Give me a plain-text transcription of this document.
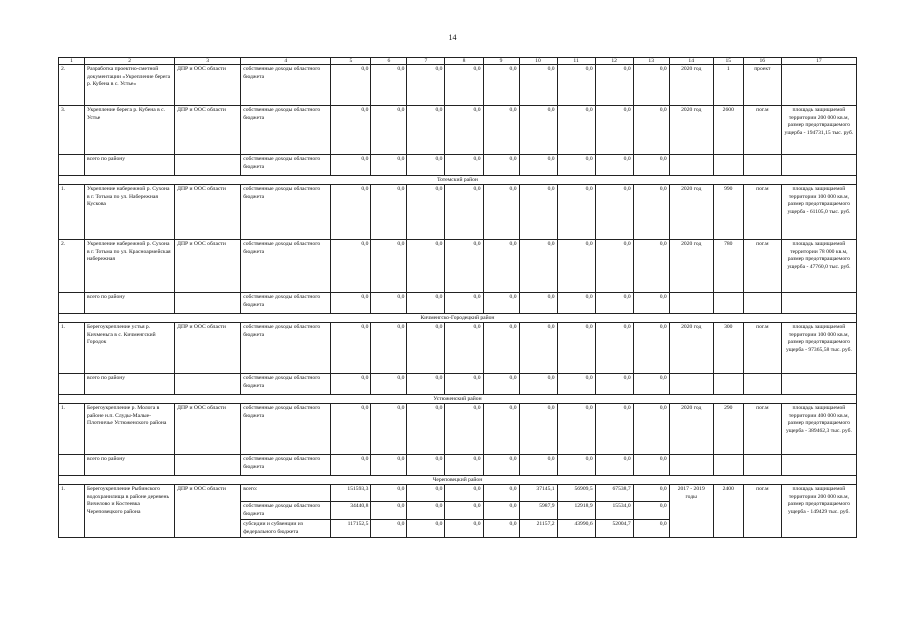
14
1	2	3	4	5	6	7	8	9	10	11	12	13	14	15	16	17
2.	Разработка проектно-сметной документации «Укрепление берега р. Кубена в с. Устье»	ДПР и ООС области	собственные доходы областного бюджета	0,0	0,0	0,0	0,0	0,0	0,0	0,0	0,0	0,0	2020 год	1	проект	
3.	Укрепление берега р. Кубена в с. Устье	ДПР и ООС области	собственные доходы областного бюджета	0,0	0,0	0,0	0,0	0,0	0,0	0,0	0,0	0,0	2020 год	2600	пог.м	площадь защищаемой территории 200 000 кв.м, размер предотвращаемого ущерба - 194731,15 тыс. руб.
	всего по району		собственные доходы областного бюджета	0,0	0,0	0,0	0,0	0,0	0,0	0,0	0,0	0,0				
Тотемский район																
1.	Укрепление набережной р. Сухона в г. Тотьма по ул. Набережная Кускова	ДПР и ООС области	собственные доходы областного бюджета	0,0	0,0	0,0	0,0	0,0	0,0	0,0	0,0	0,0	2020 год	990	пог.м	площадь защищаемой территории 100 000 кв.м, размер предотвращаемого ущерба - 61105,0 тыс. руб.
2.	Укрепление набережной р. Сухона в г. Тотьма по ул. Красноармейская набережная	ДПР и ООС области	собственные доходы областного бюджета	0,0	0,0	0,0	0,0	0,0	0,0	0,0	0,0	0,0	2020 год	780	пог.м	площадь защищаемой территории 78 000 кв.м, размер предотвращаемого ущерба - 47760,0 тыс. руб.
	всего по району		собственные доходы областного бюджета	0,0	0,0	0,0	0,0	0,0	0,0	0,0	0,0	0,0				
Кичменгско-Городецкий район																
1.	Берегоукрепление устья р. Кичменьга в с. Кичменгский Городок	ДПР и ООС области	собственные доходы областного бюджета	0,0	0,0	0,0	0,0	0,0	0,0	0,0	0,0	0,0	2020 год	300	пог.м	площадь защищаемой территории 100 000 кв.м, размер предотвращаемого ущерба - 97365,58 тыс. руб.
	всего по району		собственные доходы областного бюджета	0,0	0,0	0,0	0,0	0,0	0,0	0,0	0,0	0,0				
Устюженский район																
1.	Берегоукрепление р. Молога в районе н.п. Слуды-Малые-Плотничье Устюженского района	ДПР и ООС области	собственные доходы областного бюджета	0,0	0,0	0,0	0,0	0,0	0,0	0,0	0,0	0,0	2020 год	290	пог.м	площадь защищаемой территории 400 000 кв.м, размер предотвращаемого ущерба - 389462,3 тыс. руб.
	всего по району		собственные доходы областного бюджета	0,0	0,0	0,0	0,0	0,0	0,0	0,0	0,0	0,0				
Череповецкий район																
1.	Берегоукрепление Рыбинского водохранилища в районе деревень Вичелово и Костеевка Череповецкого района	ДПР и ООС области	всего:	151593,3	0,0	0,0	0,0	0,0	37145,1	56909,5	67538,7	0,0	2017 - 2019 годы	2400	пог.м	площадь защищаемой территории 200 000 кв.м, размер предотвращаемого ущерба - 149429 тыс. руб.
			собственные доходы областного бюджета	34440,8	0,0	0,0	0,0	0,0	5987,9	12918,9	15534,0	0,0				
			субсидии и субвенции из федерального бюджета	117152,5	0,0	0,0	0,0	0,0	21157,2	43990,6	52004,7	0,0				
